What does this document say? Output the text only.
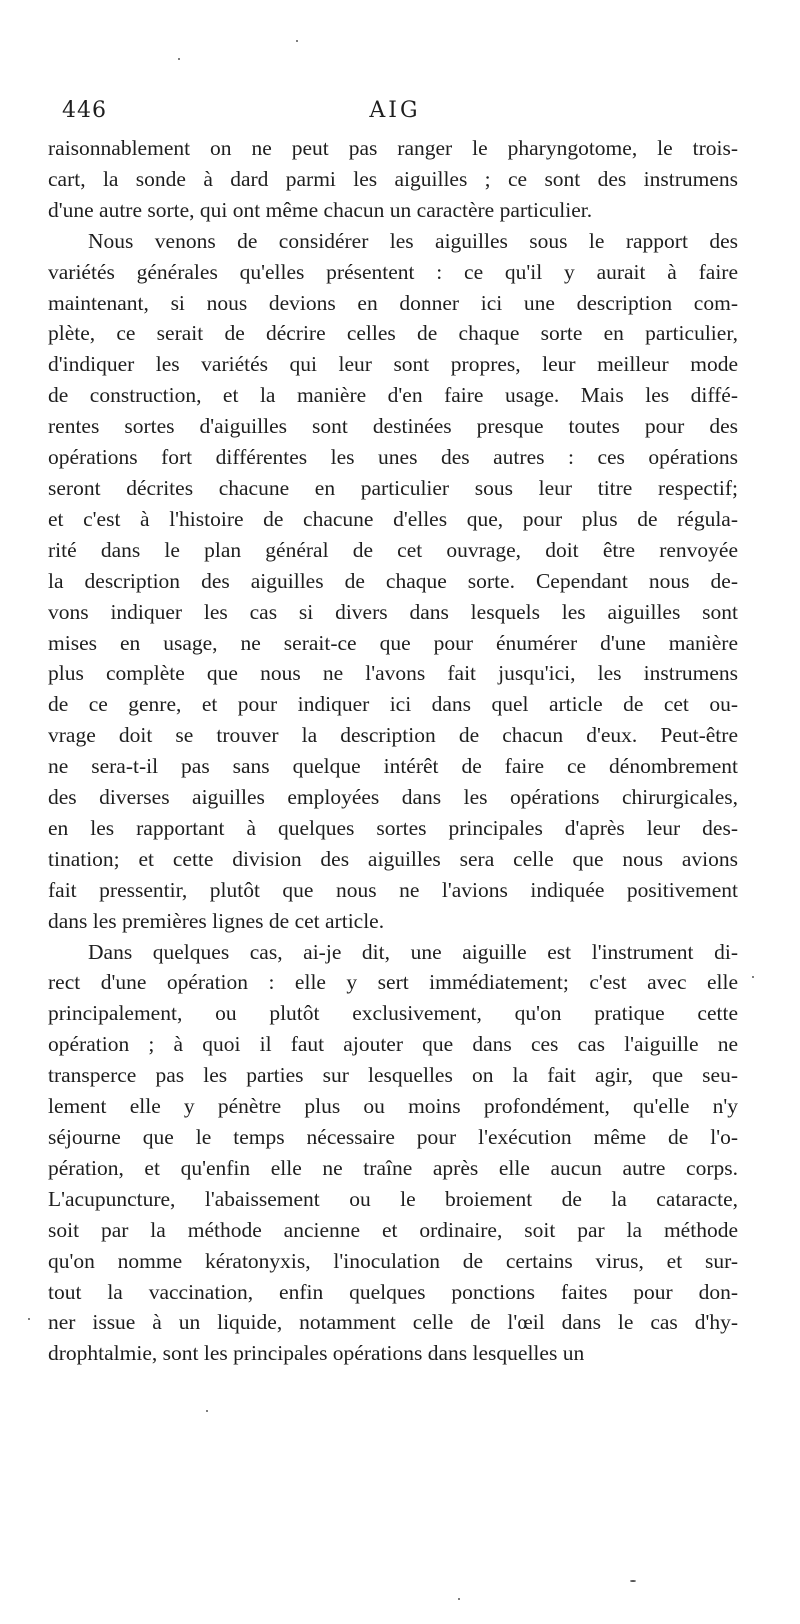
446	AIG
raisonnablement on ne peut pas ranger le pharyngotome, le trois-
cart, la sonde à dard parmi les aiguilles ; ce sont des instrumens
d'une autre sorte, qui ont même chacun un caractère particulier.
Nous venons de considérer les aiguilles sous le rapport des
variétés générales qu'elles présentent : ce qu'il y aurait à faire
maintenant, si nous devions en donner ici une description com-
plète, ce serait de décrire celles de chaque sorte en particulier,
d'indiquer les variétés qui leur sont propres, leur meilleur mode
de construction, et la manière d'en faire usage. Mais les diffé-
rentes sortes d'aiguilles sont destinées presque toutes pour des
opérations fort différentes les unes des autres : ces opérations
seront décrites chacune en particulier sous leur titre respectif;
et c'est à l'histoire de chacune d'elles que, pour plus de régula-
rité dans le plan général de cet ouvrage, doit être renvoyée
la description des aiguilles de chaque sorte. Cependant nous de-
vons indiquer les cas si divers dans lesquels les aiguilles sont
mises en usage, ne serait-ce que pour énumérer d'une manière
plus complète que nous ne l'avons fait jusqu'ici, les instrumens
de ce genre, et pour indiquer ici dans quel article de cet ou-
vrage doit se trouver la description de chacun d'eux. Peut-être
ne sera-t-il pas sans quelque intérêt de faire ce dénombrement
des diverses aiguilles employées dans les opérations chirurgicales,
en les rapportant à quelques sortes principales d'après leur des-
tination; et cette division des aiguilles sera celle que nous avions
fait pressentir, plutôt que nous ne l'avions indiquée positivement
dans les premières lignes de cet article.
Dans quelques cas, ai-je dit, une aiguille est l'instrument di-
rect d'une opération : elle y sert immédiatement; c'est avec elle
principalement, ou plutôt exclusivement, qu'on pratique cette
opération ; à quoi il faut ajouter que dans ces cas l'aiguille ne
transperce pas les parties sur lesquelles on la fait agir, que seu-
lement elle y pénètre plus ou moins profondément, qu'elle n'y
séjourne que le temps nécessaire pour l'exécution même de l'o-
pération, et qu'enfin elle ne traîne après elle aucun autre corps.
L'acupuncture, l'abaissement ou le broiement de la cataracte,
soit par la méthode ancienne et ordinaire, soit par la méthode
qu'on nomme kératonyxis, l'inoculation de certains virus, et sur-
tout la vaccination, enfin quelques ponctions faites pour don-
ner issue à un liquide, notamment celle de l'œil dans le cas d'hy-
drophtalmie, sont les principales opérations dans lesquelles un
